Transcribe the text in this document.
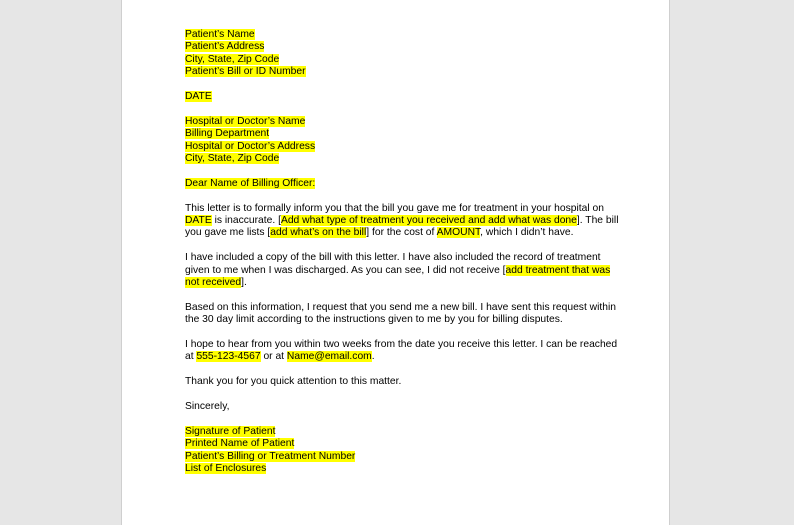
Patient’s Name
Patient’s Address
City, State, Zip Code
Patient’s Bill or ID Number
DATE
Hospital or Doctor’s Name
Billing Department
Hospital or Doctor’s Address
City, State, Zip Code
Dear Name of Billing Officer:

This letter is to formally inform you that the bill you gave me for treatment in your hospital on DATE is inaccurate. [Add what type of treatment you received and add what was done]. The bill you gave me lists [add what’s on the bill] for the cost of AMOUNT, which I didn’t have.

I have included a copy of the bill with this letter. I have also included the record of treatment given to me when I was discharged. As you can see, I did not receive [add treatment that was not received].

Based on this information, I request that you send me a new bill. I have sent this request within the 30 day limit according to the instructions given to me by you for billing disputes.

I hope to hear from you within two weeks from the date you receive this letter. I can be reached at 555-123-4567 or at Name@email.com.

Thank you for you quick attention to this matter.

Sincerely,

Signature of Patient
Printed Name of Patient
Patient’s Billing or Treatment Number
List of Enclosures
